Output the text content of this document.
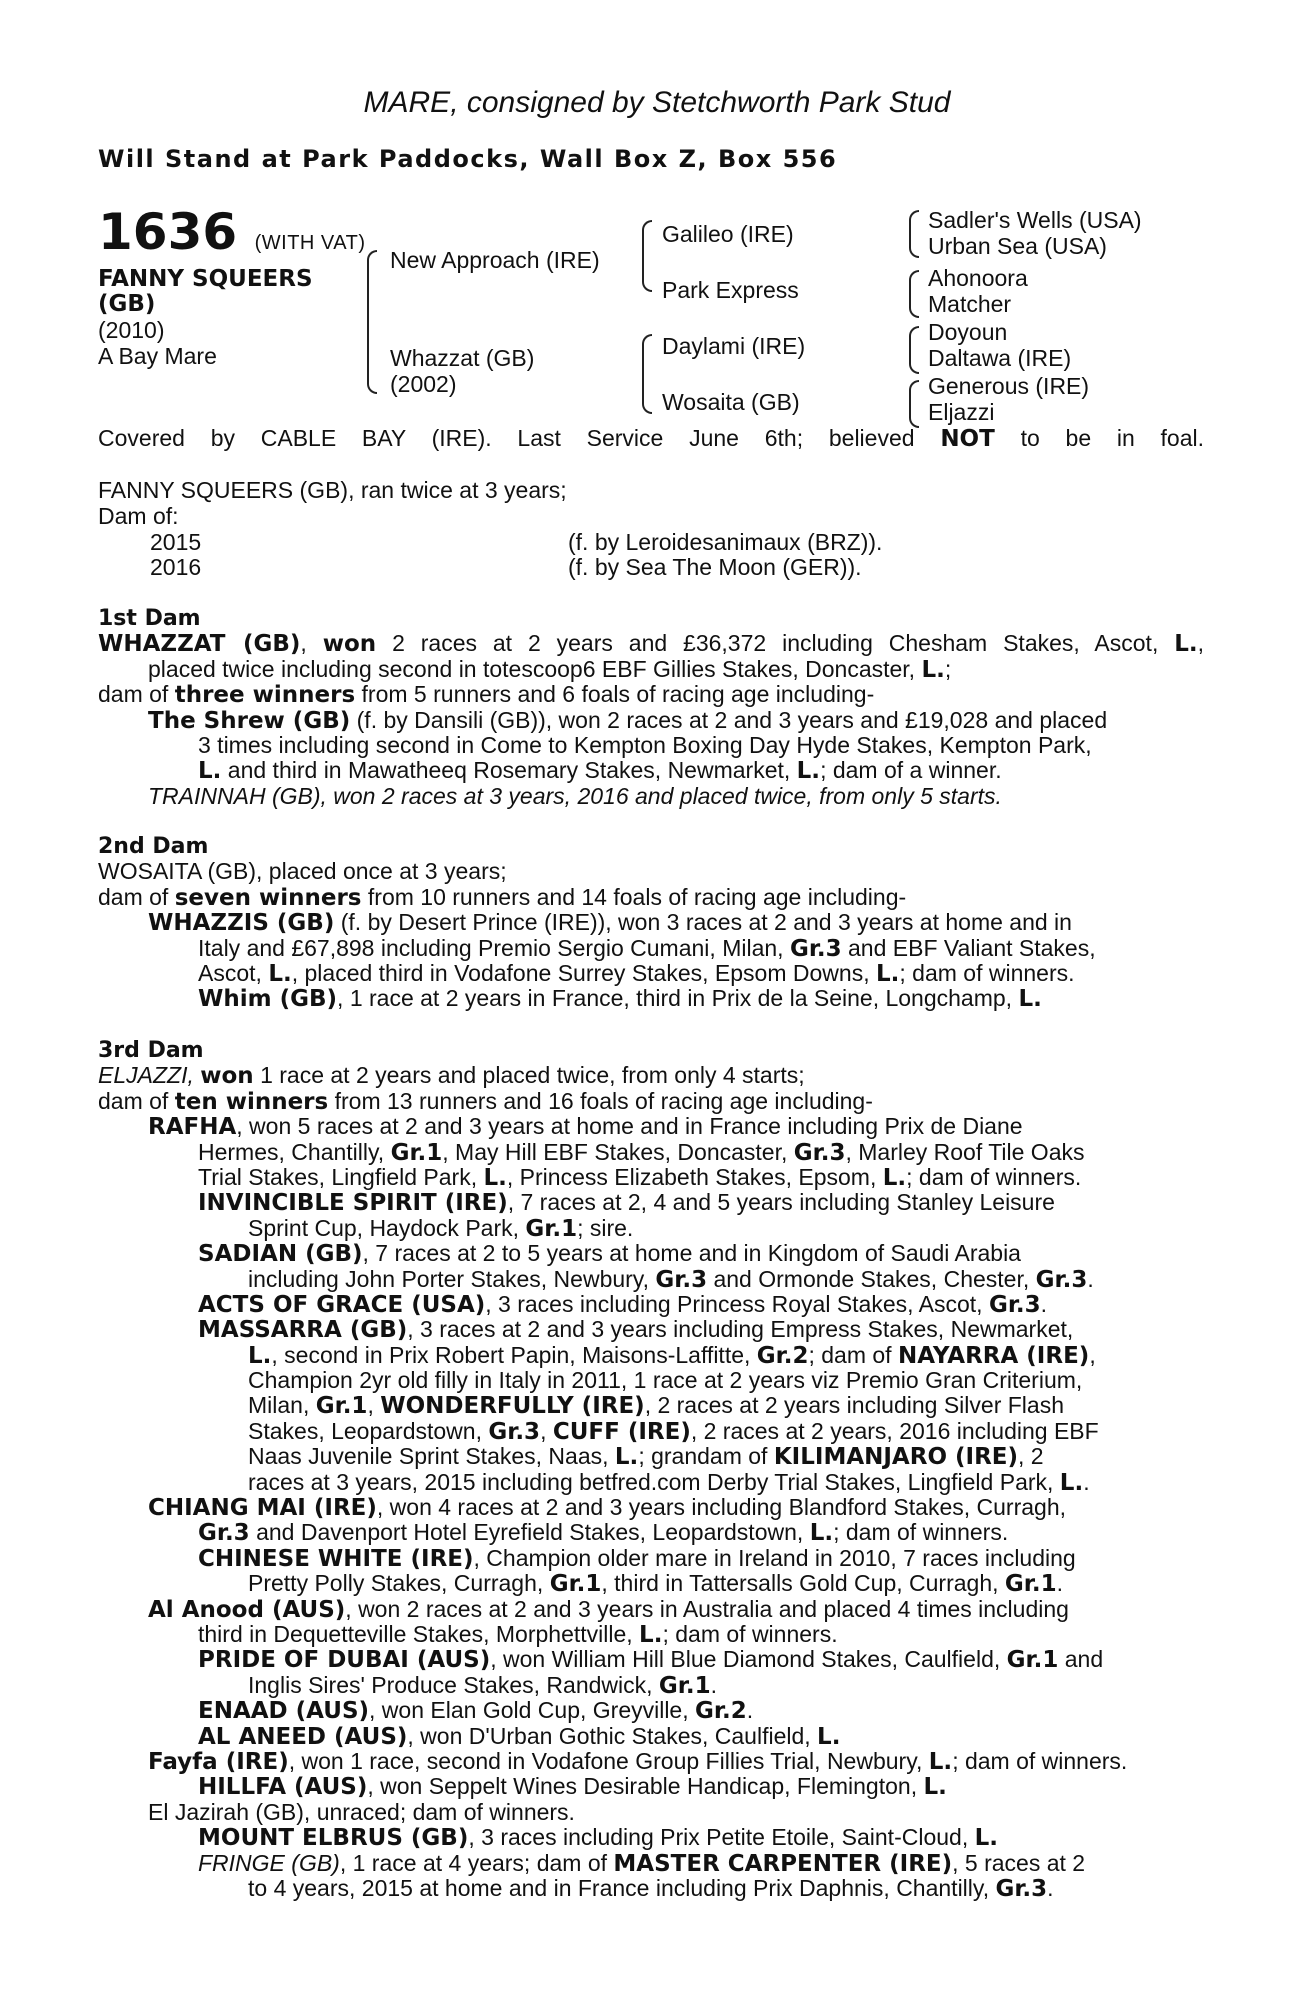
MARE, consigned by Stetchworth Park Stud
Will Stand at Park Paddocks, Wall Box Z, Box 556
1636 (WITH VAT)
FANNY SQUEERS
(GB)
(2010)
A Bay Mare
New Approach (IRE)
Whazzat (GB)
(2002)
Galileo (IRE)
Park Express
Daylami (IRE)
Wosaita (GB)
Sadler's Wells (USA)
Urban Sea (USA)
Ahonoora
Matcher
Doyoun
Daltawa (IRE)
Generous (IRE)
Eljazzi
Covered by CABLE BAY (IRE). Last Service June 6th; believed NOT to be in foal.
FANNY SQUEERS (GB), ran twice at 3 years;
Dam of:
2015	(f. by Leroidesanimaux (BRZ)).
2016	(f. by Sea The Moon (GER)).
1st Dam
WHAZZAT (GB), won 2 races at 2 years and £36,372 including Chesham Stakes, Ascot, L.,
placed twice including second in totescoop6 EBF Gillies Stakes, Doncaster, L.;
dam of three winners from 5 runners and 6 foals of racing age including-
The Shrew (GB) (f. by Dansili (GB)), won 2 races at 2 and 3 years and £19,028 and placed
3 times including second in Come to Kempton Boxing Day Hyde Stakes, Kempton Park,
L. and third in Mawatheeq Rosemary Stakes, Newmarket, L.; dam of a winner.
TRAINNAH (GB), won 2 races at 3 years, 2016 and placed twice, from only 5 starts.
2nd Dam
WOSAITA (GB), placed once at 3 years;
dam of seven winners from 10 runners and 14 foals of racing age including-
WHAZZIS (GB) (f. by Desert Prince (IRE)), won 3 races at 2 and 3 years at home and in
Italy and £67,898 including Premio Sergio Cumani, Milan, Gr.3 and EBF Valiant Stakes,
Ascot, L., placed third in Vodafone Surrey Stakes, Epsom Downs, L.; dam of winners.
Whim (GB), 1 race at 2 years in France, third in Prix de la Seine, Longchamp, L.
3rd Dam
ELJAZZI, won 1 race at 2 years and placed twice, from only 4 starts;
dam of ten winners from 13 runners and 16 foals of racing age including-
RAFHA, won 5 races at 2 and 3 years at home and in France including Prix de Diane
Hermes, Chantilly, Gr.1, May Hill EBF Stakes, Doncaster, Gr.3, Marley Roof Tile Oaks
Trial Stakes, Lingfield Park, L., Princess Elizabeth Stakes, Epsom, L.; dam of winners.
INVINCIBLE SPIRIT (IRE), 7 races at 2, 4 and 5 years including Stanley Leisure
Sprint Cup, Haydock Park, Gr.1; sire.
SADIAN (GB), 7 races at 2 to 5 years at home and in Kingdom of Saudi Arabia
including John Porter Stakes, Newbury, Gr.3 and Ormonde Stakes, Chester, Gr.3.
ACTS OF GRACE (USA), 3 races including Princess Royal Stakes, Ascot, Gr.3.
MASSARRA (GB), 3 races at 2 and 3 years including Empress Stakes, Newmarket,
L., second in Prix Robert Papin, Maisons-Laffitte, Gr.2; dam of NAYARRA (IRE),
Champion 2yr old filly in Italy in 2011, 1 race at 2 years viz Premio Gran Criterium,
Milan, Gr.1, WONDERFULLY (IRE), 2 races at 2 years including Silver Flash
Stakes, Leopardstown, Gr.3, CUFF (IRE), 2 races at 2 years, 2016 including EBF
Naas Juvenile Sprint Stakes, Naas, L.; grandam of KILIMANJARO (IRE), 2
races at 3 years, 2015 including betfred.com Derby Trial Stakes, Lingfield Park, L..
CHIANG MAI (IRE), won 4 races at 2 and 3 years including Blandford Stakes, Curragh,
Gr.3 and Davenport Hotel Eyrefield Stakes, Leopardstown, L.; dam of winners.
CHINESE WHITE (IRE), Champion older mare in Ireland in 2010, 7 races including
Pretty Polly Stakes, Curragh, Gr.1, third in Tattersalls Gold Cup, Curragh, Gr.1.
Al Anood (AUS), won 2 races at 2 and 3 years in Australia and placed 4 times including
third in Dequetteville Stakes, Morphettville, L.; dam of winners.
PRIDE OF DUBAI (AUS), won William Hill Blue Diamond Stakes, Caulfield, Gr.1 and
Inglis Sires' Produce Stakes, Randwick, Gr.1.
ENAAD (AUS), won Elan Gold Cup, Greyville, Gr.2.
AL ANEED (AUS), won D'Urban Gothic Stakes, Caulfield, L.
Fayfa (IRE), won 1 race, second in Vodafone Group Fillies Trial, Newbury, L.; dam of winners.
HILLFA (AUS), won Seppelt Wines Desirable Handicap, Flemington, L.
El Jazirah (GB), unraced; dam of winners.
MOUNT ELBRUS (GB), 3 races including Prix Petite Etoile, Saint-Cloud, L.
FRINGE (GB), 1 race at 4 years; dam of MASTER CARPENTER (IRE), 5 races at 2
to 4 years, 2015 at home and in France including Prix Daphnis, Chantilly, Gr.3.
